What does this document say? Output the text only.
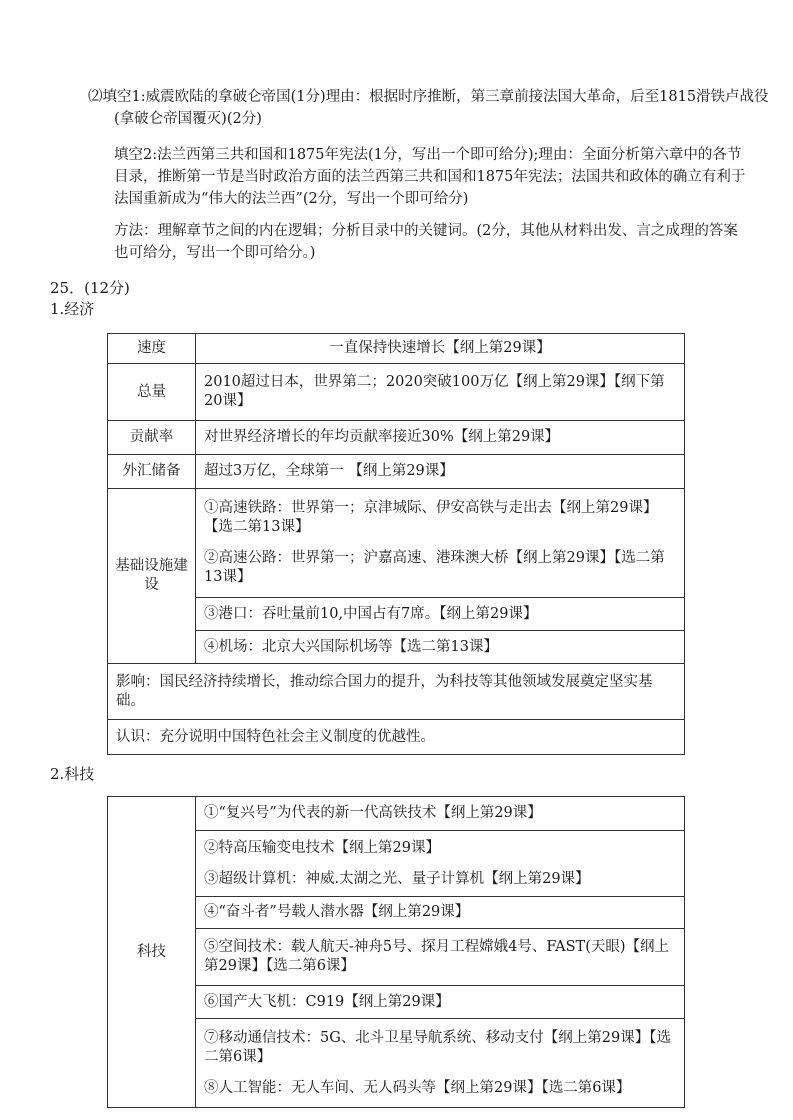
⑵填空1:威震欧陆的拿破仑帝国(1分)理由：根据时序推断，第三章前接法国大革命，后至1815滑铁卢战役(拿破仑帝国覆灭)(2分)

填空2:法兰西第三共和国和1875年宪法(1分，写出一个即可给分);理由：全面分析第六章中的各节目录，推断第一节是当时政治方面的法兰西第三共和国和1875年宪法；法国共和政体的确立有利于法国重新成为“伟大的法兰西”(2分，写出一个即可给分)

方法：理解章节之间的内在逻辑；分析目录中的关键词。(2分，其他从材料出发、言之成理的答案也可给分，写出一个即可给分。)

25．(12分)
1.经济
速度	一直保持快速增长【纲上第29课】
总量	2010超过日本，世界第二；2020突破100万亿【纲上第29课】【纲下第20课】
贡献率	对世界经济增长的年均贡献率接近30%【纲上第29课】
外汇储备	超过3万亿，全球第一 【纲上第29课】

基础设施建设	①高速铁路：世界第一；京津城际、伊安高铁与走出去【纲上第29课】【选二第13课】
②高速公路：世界第一；沪嘉高速、港珠澳大桥【纲上第29课】【选二第13课】

	③港口：吞吐量前10,中国占有7席。【纲上第29课】
	④机场：北京大兴国际机场等【选二第13课】
影响：国民经济持续增长，推动综合国力的提升，为科技等其他领域发展奠定坚实基础。	
认识：充分说明中国特色社会主义制度的优越性。	
2.科技
科技	①“复兴号”为代表的新一代高铁技术【纲上第29课】
②特高压输变电技术【纲上第29课】
③超级计算机：神威.太湖之光、量子计算机【纲上第29课】

④“奋斗者”号载人潜水器【纲上第29课】
⑤空间技术：载人航天-神舟5号、探月工程嫦娥4号、FAST(天眼)【纲上第29课】【选二第6课】
⑥国产大飞机：C919【纲上第29课】
⑦移动通信技术：5G、北斗卫星导航系统、移动支付【纲上第29课】【选二第6课】
⑧人工智能：无人车间、无人码头等【纲上第29课】【选二第6课】
